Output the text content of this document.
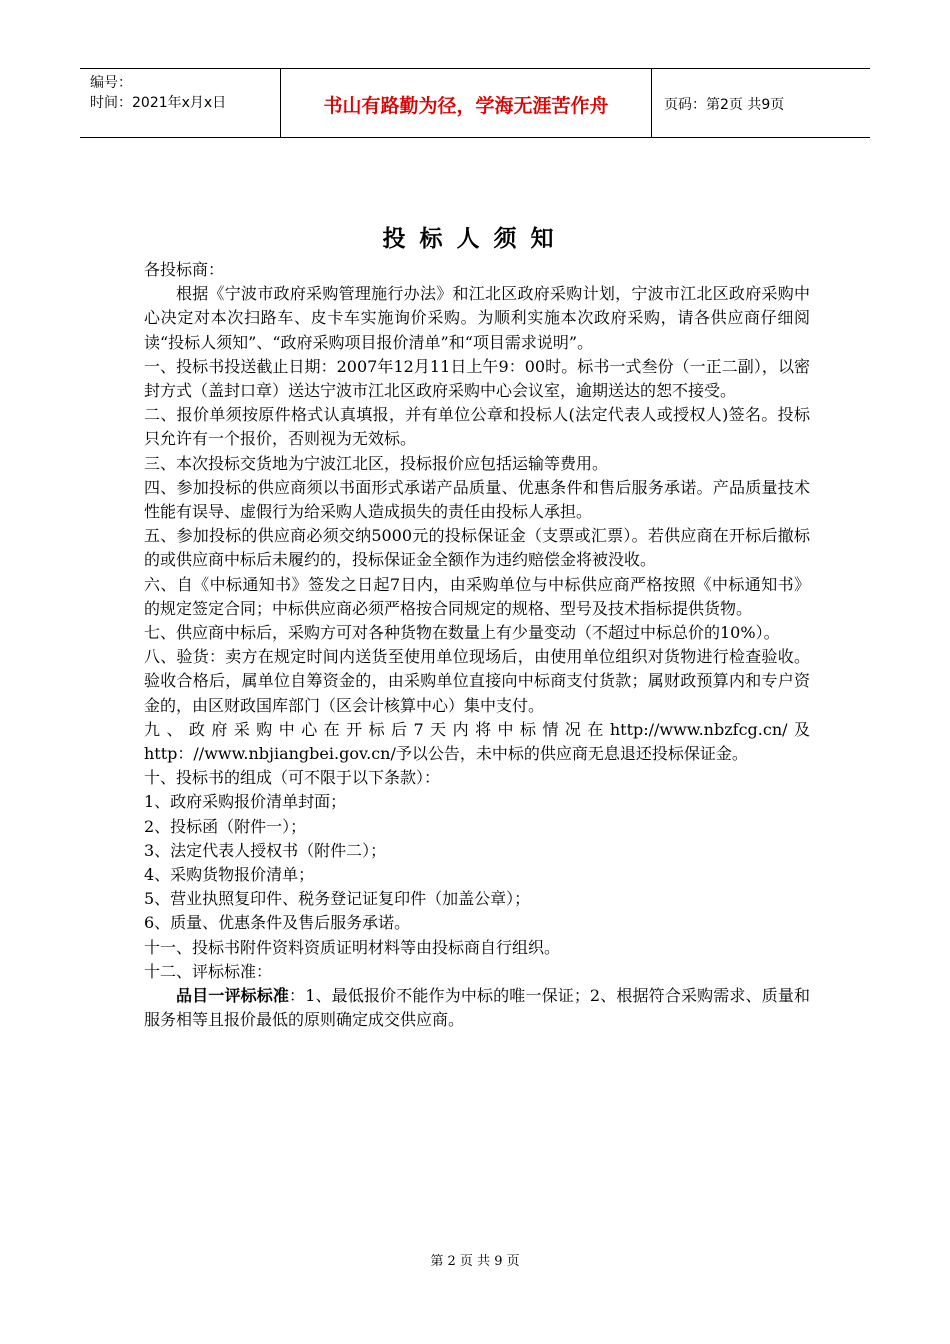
编号：
时间：2021年x月x日	书山有路勤为径，学海无涯苦作舟	页码：第2页 共9页
投标人须知

各投标商：

根据《宁波市政府采购管理施行办法》和江北区政府采购计划，宁波市江北区政府采购中心决定对本次扫路车、皮卡车实施询价采购。为顺利实施本次政府采购，请各供应商仔细阅读“投标人须知”、“政府采购项目报价清单”和“项目需求说明”。

一、投标书投送截止日期：2007年12月11日上午9：00时。标书一式叁份（一正二副），以密封方式（盖封口章）送达宁波市江北区政府采购中心会议室，逾期送达的恕不接受。

二、报价单须按原件格式认真填报，并有单位公章和投标人(法定代表人或授权人)签名。投标只允许有一个报价，否则视为无效标。

三、本次投标交货地为宁波江北区，投标报价应包括运输等费用。

四、参加投标的供应商须以书面形式承诺产品质量、优惠条件和售后服务承诺。产品质量技术性能有误导、虚假行为给采购人造成损失的责任由投标人承担。

五、参加投标的供应商必须交纳5000元的投标保证金（支票或汇票）。若供应商在开标后撤标的或供应商中标后未履约的，投标保证金全额作为违约赔偿金将被没收。

六、自《中标通知书》签发之日起7日内，由采购单位与中标供应商严格按照《中标通知书》的规定签定合同；中标供应商必须严格按合同规定的规格、型号及技术指标提供货物。

七、供应商中标后，采购方可对各种货物在数量上有少量变动（不超过中标总价的10%）。

八、验货：卖方在规定时间内送货至使用单位现场后，由使用单位组织对货物进行检查验收。验收合格后，属单位自筹资金的，由采购单位直接向中标商支付货款；属财政预算内和专户资金的，由区财政国库部门（区会计核算中心）集中支付。

九、政府采购中心在开标后7天内将中标情况在http://www.nbzfcg.cn/及http：//www.nbjiangbei.gov.cn/予以公告，未中标的供应商无息退还投标保证金。

十、投标书的组成（可不限于以下条款）：

1、政府采购报价清单封面；

2、投标函（附件一）；

3、法定代表人授权书（附件二）；

4、采购货物报价清单；

5、营业执照复印件、税务登记证复印件（加盖公章）；

6、质量、优惠条件及售后服务承诺。

十一、投标书附件资料资质证明材料等由投标商自行组织。

十二、评标标准：

品目一评标标准：1、最低报价不能作为中标的唯一保证；2、根据符合采购需求、质量和服务相等且报价最低的原则确定成交供应商。

第 2 页 共 9 页
